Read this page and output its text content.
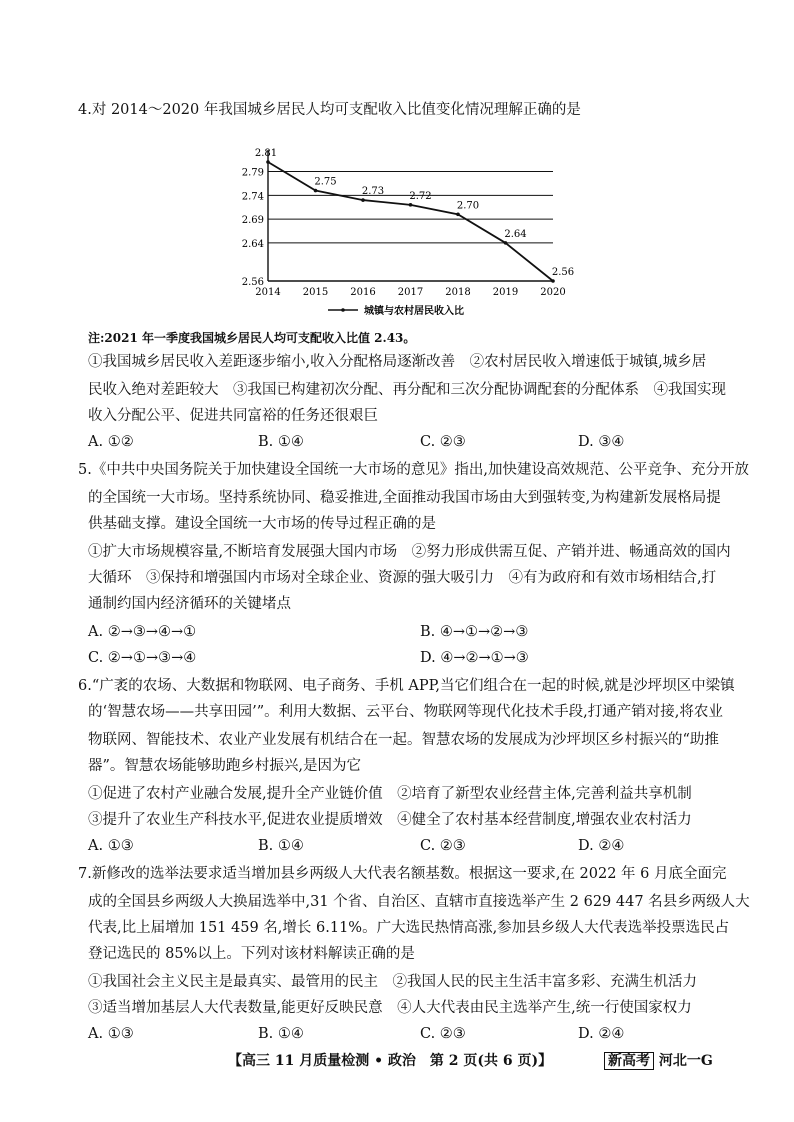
4.对 2014～2020 年我国城乡居民人均可支配收入比值变化情况理解正确的是
2.56
2.64
2.69
2.74
2.79
2014 2015 2016 2017 2018 2019 2020
2.81
2.75
2.73	2.72
2.70
2.64
2.56
城镇与农村居民收入比
注:2021 年一季度我国城乡居民人均可支配收入比值 2.43。
①我国城乡居民收入差距逐步缩小,收入分配格局逐渐改善　②农村居民收入增速低于城镇,城乡居
民收入绝对差距较大　③我国已构建初次分配、再分配和三次分配协调配套的分配体系　④我国实现
收入分配公平、促进共同富裕的任务还很艰巨
A. ①②	B. ①④	C. ②③	D. ③④
5.《中共中央国务院关于加快建设全国统一大市场的意见》指出,加快建设高效规范、公平竞争、充分开放
的全国统一大市场。坚持系统协同、稳妥推进,全面推动我国市场由大到强转变,为构建新发展格局提
供基础支撑。建设全国统一大市场的传导过程正确的是
①扩大市场规模容量,不断培育发展强大国内市场　②努力形成供需互促、产销并进、畅通高效的国内
大循环　③保持和增强国内市场对全球企业、资源的强大吸引力　④有为政府和有效市场相结合,打
通制约国内经济循环的关键堵点
A. ②→③→④→①	B. ④→①→②→③
C. ②→①→③→④	D. ④→②→①→③
6.“广袤的农场、大数据和物联网、电子商务、手机 APP,当它们组合在一起的时候,就是沙坪坝区中梁镇
的‘智慧农场——共享田园’”。利用大数据、云平台、物联网等现代化技术手段,打通产销对接,将农业
物联网、智能技术、农业产业发展有机结合在一起。智慧农场的发展成为沙坪坝区乡村振兴的“助推
器”。智慧农场能够助跑乡村振兴,是因为它
①促进了农村产业融合发展,提升全产业链价值　②培育了新型农业经营主体,完善利益共享机制
③提升了农业生产科技水平,促进农业提质增效　④健全了农村基本经营制度,增强农业农村活力
A. ①③	B. ①④	C. ②③	D. ②④
7.新修改的选举法要求适当增加县乡两级人大代表名额基数。根据这一要求,在 2022 年 6 月底全面完
成的全国县乡两级人大换届选举中,31 个省、自治区、直辖市直接选举产生 2 629 447 名县乡两级人大
代表,比上届增加 151 459 名,增长 6.11%。广大选民热情高涨,参加县乡级人大代表选举投票选民占
登记选民的 85%以上。下列对该材料解读正确的是
①我国社会主义民主是最真实、最管用的民主　②我国人民的民主生活丰富多彩、充满生机活力
③适当增加基层人大代表数量,能更好反映民意　④人大代表由民主选举产生,统一行使国家权力
【高三 11 月质量检测 • 政治　第 2 页(共 6 页)】	新高考 河北一G
A. ①③	B. ①④	C. ②③	D. ②④
